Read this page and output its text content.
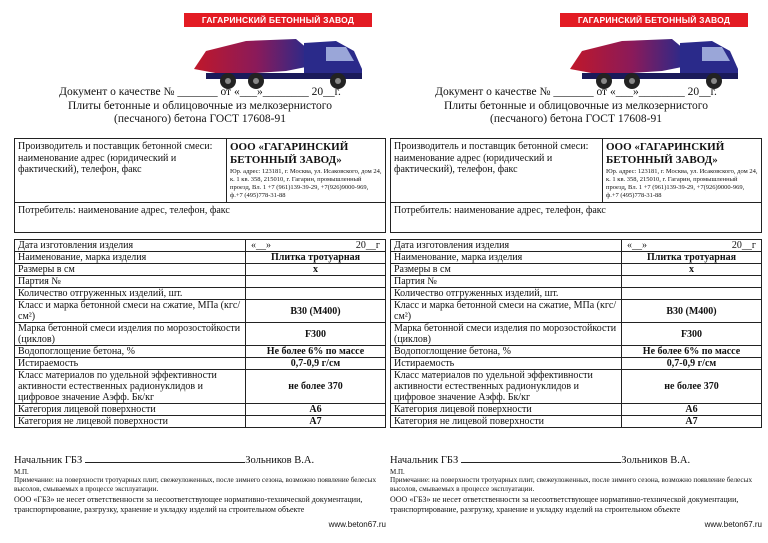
ГАГАРИНСКИЙ БЕТОННЫЙ ЗАВОД
Документ о качестве № _______ от «___»________ 20__г.
Плиты бетонные и облицовочные из мелкозернистого
(песчаного) бетона ГОСТ 17608-91
Производитель и поставщик бетонной смеси: наименование адрес (юридический и фактический), телефон, факс	
ООО «ГАГАРИНСКИЙ БЕТОННЫЙ ЗАВОД»
Юр. адрес: 123181, г. Москва, ул. Исаковского, дом 24, к. 1 кв. 358, 215010, г. Гагарин, промышленный проезд, Вл. 1 +7 (961)139-39-29, +7(926)9000-969, ф.+7 (495)778-31-88

Потребитель: наименование адрес, телефон, факс
Дата изготовления изделия	«__» 20__г

Наименование, марка изделия	Плитка тротуарная
Размеры в см	х
Партия №	
Количество отгруженных изделий, шт.	
Класс и марка бетонной смеси на сжатие, МПа (кгс/см²)	В30 (М400)
Марка бетонной смеси изделия по морозостойкости (циклов)	F300
Водопоглощение бетона, %	Не более 6% по массе
Истираемость	0,7-0,9 г/см
Класс материалов по удельной эффективности активности естественных радионуклидов и цифровое значение Аэфф. Бк/кг	не более 370
Категория лицевой поверхности	А6
Категория не лицевой поверхности	А7
Начальник ГБЗ	Зольников В.А.
М.П.
Примечание: на поверхности тротуарных плит, свежеуложенных, после зимнего сезона, возможно появление белесых высолов, смываемых в процессе эксплуатации.
ООО «ГБЗ» не несет ответственности за несоответствующее нормативно-технической документации, транспортирование, разгрузку, хранение и укладку изделий на строительном объекте
www.beton67.ru
ГАГАРИНСКИЙ БЕТОННЫЙ ЗАВОД
Документ о качестве № _______ от «___»________ 20__г.
Плиты бетонные и облицовочные из мелкозернистого
(песчаного) бетона ГОСТ 17608-91
Производитель и поставщик бетонной смеси: наименование адрес (юридический и фактический), телефон, факс	
ООО «ГАГАРИНСКИЙ БЕТОННЫЙ ЗАВОД»
Юр. адрес: 123181, г. Москва, ул. Исаковского, дом 24, к. 1 кв. 358, 215010, г. Гагарин, промышленный проезд, Вл. 1 +7 (961)139-39-29, +7(926)9000-969, ф.+7 (495)778-31-88

Потребитель: наименование адрес, телефон, факс
Дата изготовления изделия	«__» 20__г

Наименование, марка изделия	Плитка тротуарная
Размеры в см	х
Партия №	
Количество отгруженных изделий, шт.	
Класс и марка бетонной смеси на сжатие, МПа (кгс/см²)	В30 (М400)
Марка бетонной смеси изделия по морозостойкости (циклов)	F300
Водопоглощение бетона, %	Не более 6% по массе
Истираемость	0,7-0,9 г/см
Класс материалов по удельной эффективности активности естественных радионуклидов и цифровое значение Аэфф. Бк/кг	не более 370
Категория лицевой поверхности	А6
Категория не лицевой поверхности	А7
Начальник ГБЗ	Зольников В.А.
М.П.
Примечание: на поверхности тротуарных плит, свежеуложенных, после зимнего сезона, возможно появление белесых высолов, смываемых в процессе эксплуатации.
ООО «ГБЗ» не несет ответственности за несоответствующее нормативно-технической документации, транспортирование, разгрузку, хранение и укладку изделий на строительном объекте
www.beton67.ru
